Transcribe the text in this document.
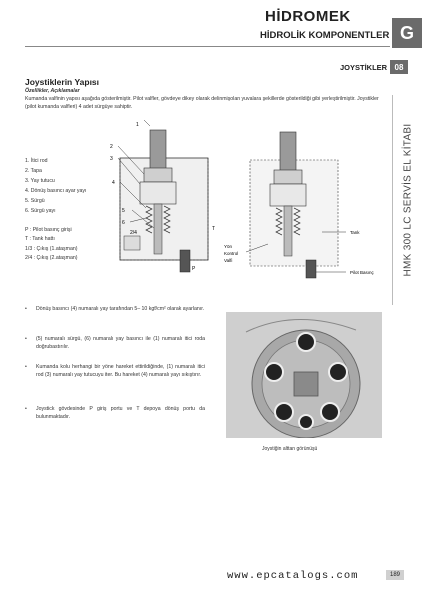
HİDROMEK
HİDROLİK KOMPONENTLER G
JOYSTİKLER 08
HMK 300 LC SERVİS EL KİTABI
Joystiklerin Yapısı
Özellikler, Açıklamalar
Kumanda valfinin yapısı aşağıda gösterilmiştir. Pilot valfler, gövdeye dikey olarak delinmişolan yuvalara şekillerde gösterildiği gibi yerleştirilmiştir. Joystikler (pilot kumanda valfleri) 4 adet sürgüye sahiptir.
1. İtici rod
2. Tapa
3. Yay tutucu
4. Dönüş basıncı ayar yayı
5. Sürgü
6. Sürgü yayı
P : Pilot basınç girişi
T : Tank hattı
1/3 : Çıkış (1.ataşman)
2/4 : Çıkış (2.ataşman)
1
2
3
4
5
6
2/4
T
P
Tank
Pilot Basınç
Yön
Kontrol
Valfi
• Dönüş basıncı (4) numaralı yay tarafından 5– 10 kgf/cm² olarak ayarlanır.
• (5) numaralı sürgü, (6) numaralı yay basıncı ile (1) numaralı itici roda doğrubastırılır.
• Kumanda kolu herhangi bir yöne hareket ettirildiğinde, (1) numaralı itici rod (3) numaralı yay tutucuyu iter. Bu hareket (4) numaralı yayı sıkıştırır.
• Joystick gövdesinde P giriş portu ve T depoya dönüş portu da bulunmaktadır.
Joystiğin alttan görünüşü
www.epcatalogs.com	189
